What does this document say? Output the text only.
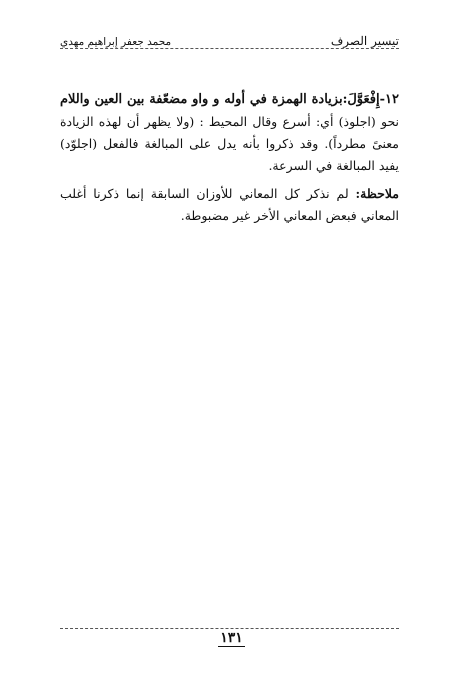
تيسير الصرف
محمد جعفر إبراهيم مهدي

١٢-إِفْعَوَّلَ:بزيادة الهمزة في أوله و واو مضعّفة بين العين واللام نحو (اجلوذ) أي: أسرع وقال المحيط : (ولا يظهر أن لهذه الزيادة معنىً مطرداً). وقد ذكروا بأنه يدل على المبالغة فالفعل (اجلوّد) يفيد المبالغة في السرعة.

ملاحظة: لم نذكر كل المعاني للأوزان السابقة إنما ذكرنا أغلب المعاني فبعض المعاني الأخر غير مضبوطة.

١٣١
